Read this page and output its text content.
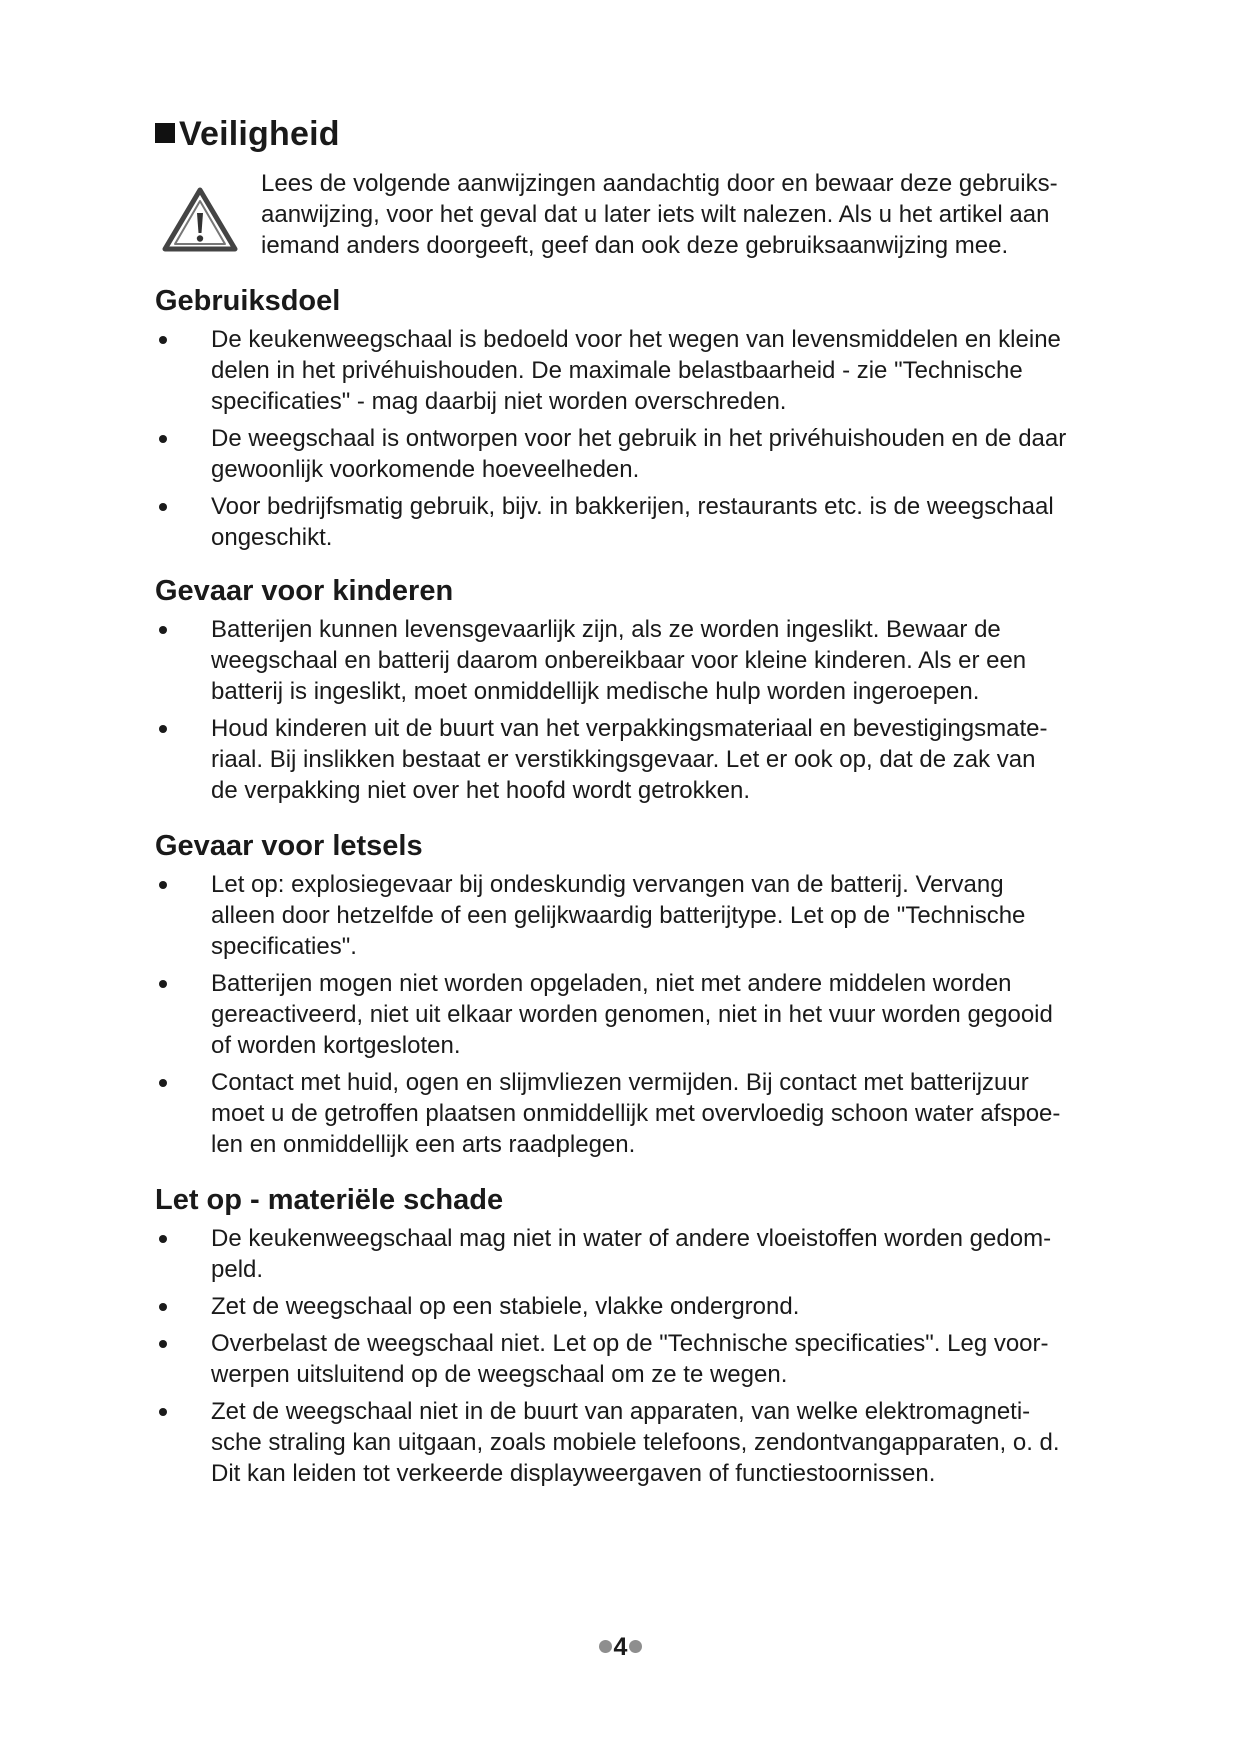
Veiligheid

Lees de volgende aanwijzingen aandachtig door en bewaar deze gebruiks-
aanwijzing, voor het geval dat u later iets wilt nalezen. Als u het artikel aan
iemand anders doorgeeft, geef dan ook deze gebruiksaanwijzing mee.

Gebruiksdoel
De keukenweegschaal is bedoeld voor het wegen van levensmiddelen en kleine
delen in het privéhuishouden. De maximale belastbaarheid - zie "Technische
specificaties" - mag daarbij niet worden overschreden.
De weegschaal is ontworpen voor het gebruik in het privéhuishouden en de daar
gewoonlijk voorkomende hoeveelheden.
Voor bedrijfsmatig gebruik, bijv. in bakkerijen, restaurants etc. is de weegschaal
ongeschikt.
Gevaar voor kinderen
Batterijen kunnen levensgevaarlijk zijn, als ze worden ingeslikt. Bewaar de
weegschaal en batterij daarom onbereikbaar voor kleine kinderen. Als er een
batterij is ingeslikt, moet onmiddellijk medische hulp worden ingeroepen.
Houd kinderen uit de buurt van het verpakkingsmateriaal en bevestigingsmate-
riaal. Bij inslikken bestaat er verstikkingsgevaar. Let er ook op, dat de zak van
de verpakking niet over het hoofd wordt getrokken.
Gevaar voor letsels
Let op: explosiegevaar bij ondeskundig vervangen van de batterij. Vervang
alleen door hetzelfde of een gelijkwaardig batterijtype. Let op de "Technische
specificaties".
Batterijen mogen niet worden opgeladen, niet met andere middelen worden
gereactiveerd, niet uit elkaar worden genomen, niet in het vuur worden gegooid
of worden kortgesloten.
Contact met huid, ogen en slijmvliezen vermijden. Bij contact met batterijzuur
moet u de getroffen plaatsen onmiddellijk met overvloedig schoon water afspoe-
len en onmiddellijk een arts raadplegen.
Let op - materiële schade
De keukenweegschaal mag niet in water of andere vloeistoffen worden gedom-
peld.
Zet de weegschaal op een stabiele, vlakke ondergrond.
Overbelast de weegschaal niet. Let op de "Technische specificaties". Leg voor-
werpen uitsluitend op de weegschaal om ze te wegen.
Zet de weegschaal niet in de buurt van apparaten, van welke elektromagneti-
sche straling kan uitgaan, zoals mobiele telefoons, zendontvangapparaten, o. d.
Dit kan leiden tot verkeerde displayweergaven of functiestoornissen.
4
